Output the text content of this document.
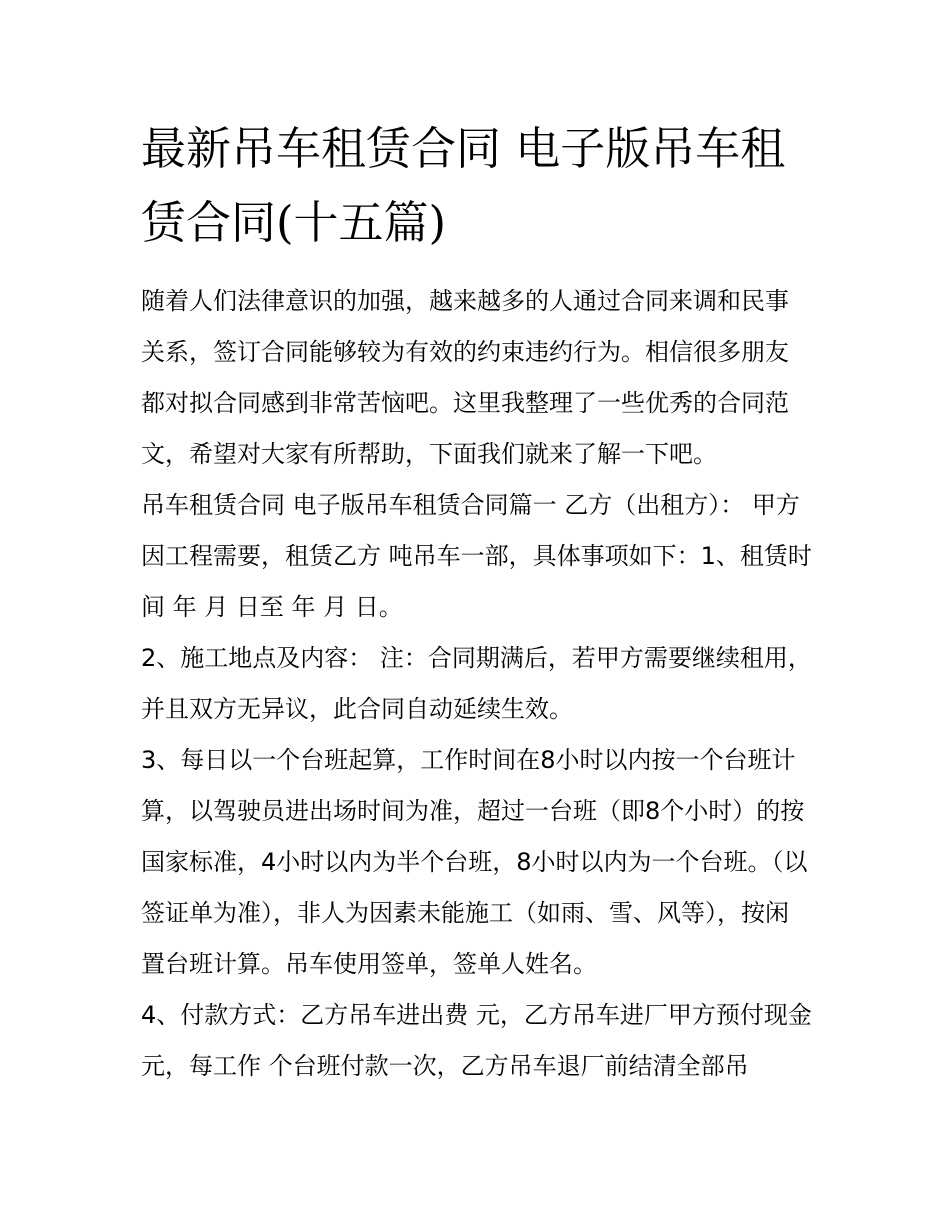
最新吊车租赁合同 电子版吊车租赁合同(十五篇)

随着人们法律意识的加强，越来越多的人通过合同来调和民事关系，签订合同能够较为有效的约束违约行为。相信很多朋友都对拟合同感到非常苦恼吧。这里我整理了一些优秀的合同范文，希望对大家有所帮助，下面我们就来了解一下吧。

吊车租赁合同 电子版吊车租赁合同篇一 乙方（出租方）： 甲方因工程需要，租赁乙方 吨吊车一部，具体事项如下：1、租赁时间 年 月 日至 年 月 日。

2、施工地点及内容： 注：合同期满后，若甲方需要继续租用，并且双方无异议，此合同自动延续生效。

3、每日以一个台班起算，工作时间在8小时以内按一个台班计算，以驾驶员进出场时间为准，超过一台班（即8个小时）的按国家标准，4小时以内为半个台班，8小时以内为一个台班。（以签证单为准），非人为因素未能施工（如雨、雪、风等），按闲置台班计算。吊车使用签单，签单人姓名。

4、付款方式：乙方吊车进出费 元，乙方吊车进厂甲方预付现金 元，每工作 个台班付款一次，乙方吊车退厂前结清全部吊
